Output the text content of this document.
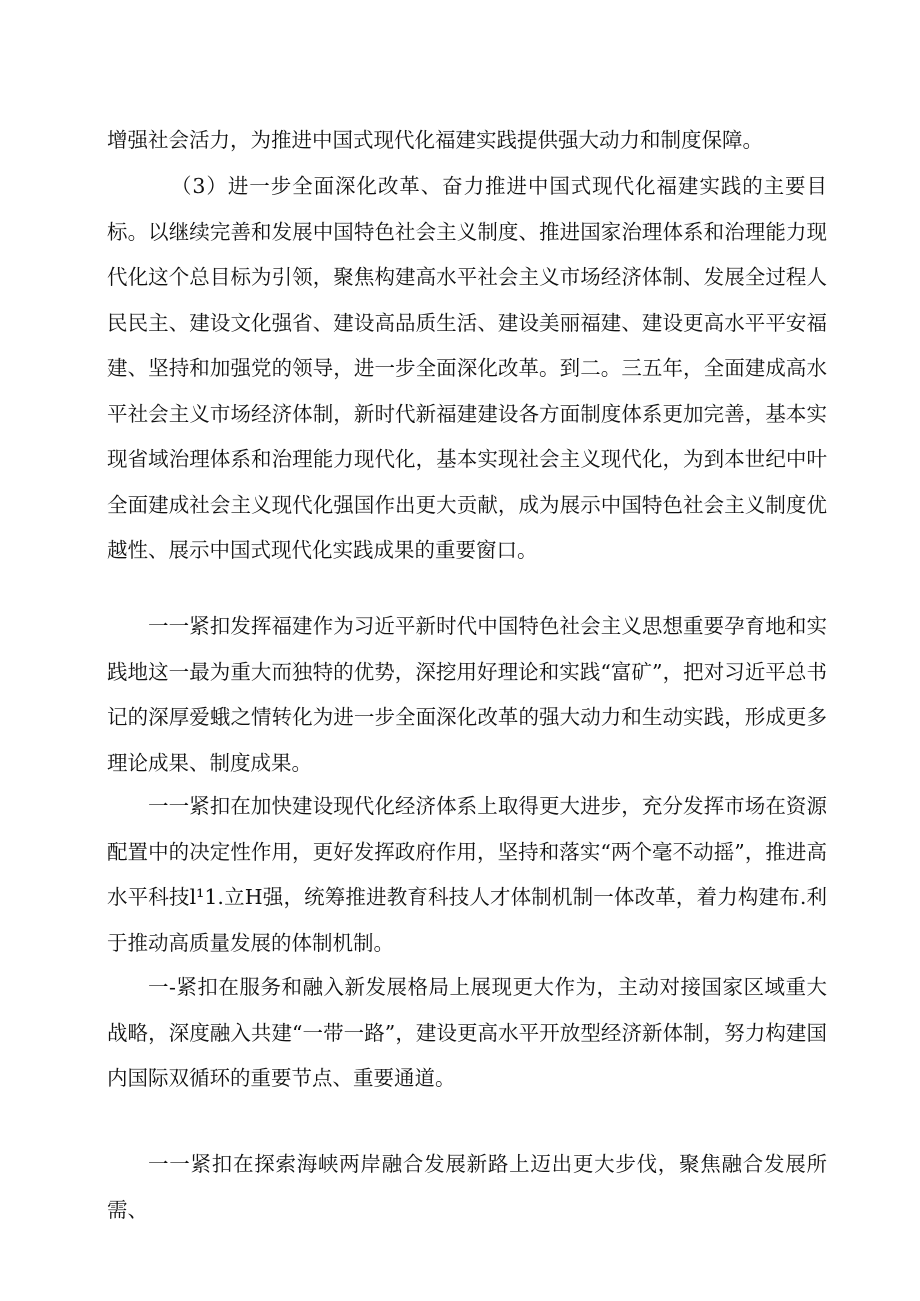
增强社会活力，为推进中国式现代化福建实践提供强大动力和制度保障。

（3）进一步全面深化改革、奋力推进中国式现代化福建实践的主要目标。以继续完善和发展中国特色社会主义制度、推进国家治理体系和治理能力现代化这个总目标为引领，聚焦构建高水平社会主义市场经济体制、发展全过程人民民主、建设文化强省、建设高品质生活、建设美丽福建、建设更高水平平安福建、坚持和加强党的领导，进一步全面深化改革。到二。三五年，全面建成高水平社会主义市场经济体制，新时代新福建建设各方面制度体系更加完善，基本实现省域治理体系和治理能力现代化，基本实现社会主义现代化，为到本世纪中叶全面建成社会主义现代化强国作出更大贡献，成为展示中国特色社会主义制度优越性、展示中国式现代化实践成果的重要窗口。

一一紧扣发挥福建作为习近平新时代中国特色社会主义思想重要孕育地和实践地这一最为重大而独特的优势，深挖用好理论和实践“富矿”，把对习近平总书记的深厚爱蛾之情转化为进一步全面深化改革的强大动力和生动实践，形成更多理论成果、制度成果。

一一紧扣在加快建设现代化经济体系上取得更大进步，充分发挥市场在资源配置中的决定性作用，更好发挥政府作用，坚持和落实“两个毫不动摇”，推进高水平科技l¹1.立H强，统筹推进教育科技人才体制机制一体改革，着力构建布.利于推动高质量发展的体制机制。

一-紧扣在服务和融入新发展格局上展现更大作为，主动对接国家区域重大战略，深度融入共建“一带一路”，建设更高水平开放型经济新体制，努力构建国内国际双循环的重要节点、重要通道。

一一紧扣在探索海峡两岸融合发展新路上迈出更大步伐，聚焦融合发展所需、
